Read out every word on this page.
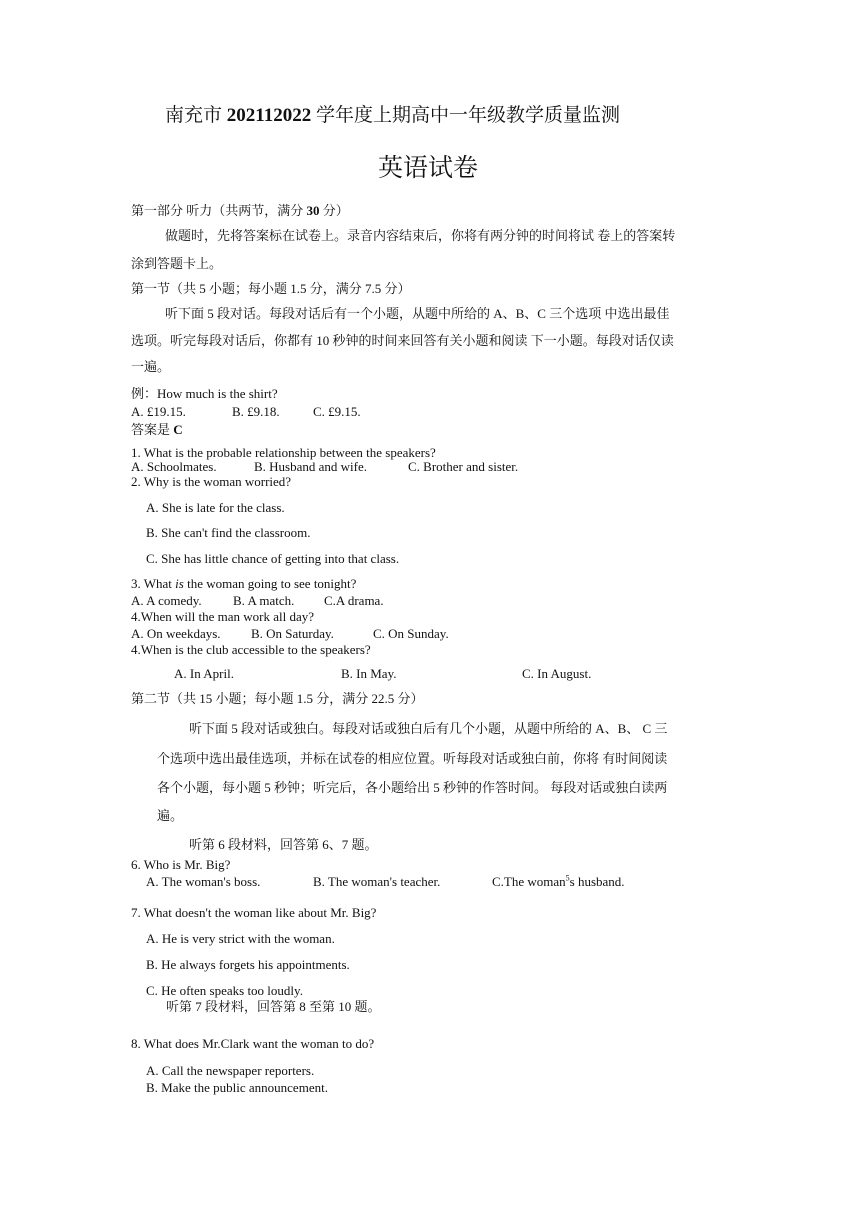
南充市 202112022 学年度上期高中一年级教学质量监测
英语试卷
第一部分 听力（共两节，满分 30 分）
做题时，先将答案标在试卷上。录音内容结束后，你将有两分钟的时间将试 卷上的答案转
涂到答题卡上。
第一节（共 5 小题；每小题 1.5 分，满分 7.5 分）
听下面 5 段对话。每段对话后有一个小题，从题中所给的 A、B、C 三个选项 中选出最佳
选项。听完每段对话后，你都有 10 秒钟的时间来回答有关小题和阅读 下一小题。每段对话仅读
一遍。
例：How much is the shirt?
A. £19.15.	B. £9.18.	C. £9.15.
答案是 C
1. What is the probable relationship between the speakers?
A. Schoolmates.	B. Husband and wife.	C. Brother and sister.
2. Why is the woman worried?
A. She is late for the class.
B. She can't find the classroom.
C. She has little chance of getting into that class.
3. What is the woman going to see tonight?
A. A comedy. B. A match. C.A drama.
4.When will the man work all day?
A. On weekdays. B. On Saturday.	C. On Sunday.
4.When is the club accessible to the speakers?
A. In April.	B. In May.	C. In August.
第二节（共 15 小题；每小题 1.5 分，满分 22.5 分）
听下面 5 段对话或独白。每段对话或独白后有几个小题，从题中所给的 A、B、 C 三
个选项中选出最佳选项，并标在试卷的相应位置。听每段对话或独白前，你将 有时间阅读
各个小题，每小题 5 秒钟；听完后，各小题给出 5 秒钟的作答时间。 每段对话或独白读两
遍。
听第 6 段材料，回答第 6、7 题。
6. Who is Mr. Big?
A. The woman's boss.	B. The woman's teacher.	C.The woman$^5$s husband.
7. What doesn't the woman like about Mr. Big?
A. He is very strict with the woman.
B. He always forgets his appointments.
C. He often speaks too loudly.
听第 7 段材料，回答第 8 至第 10 题。
8. What does Mr.Clark want the woman to do?
A. Call the newspaper reporters.
B. Make the public announcement.
